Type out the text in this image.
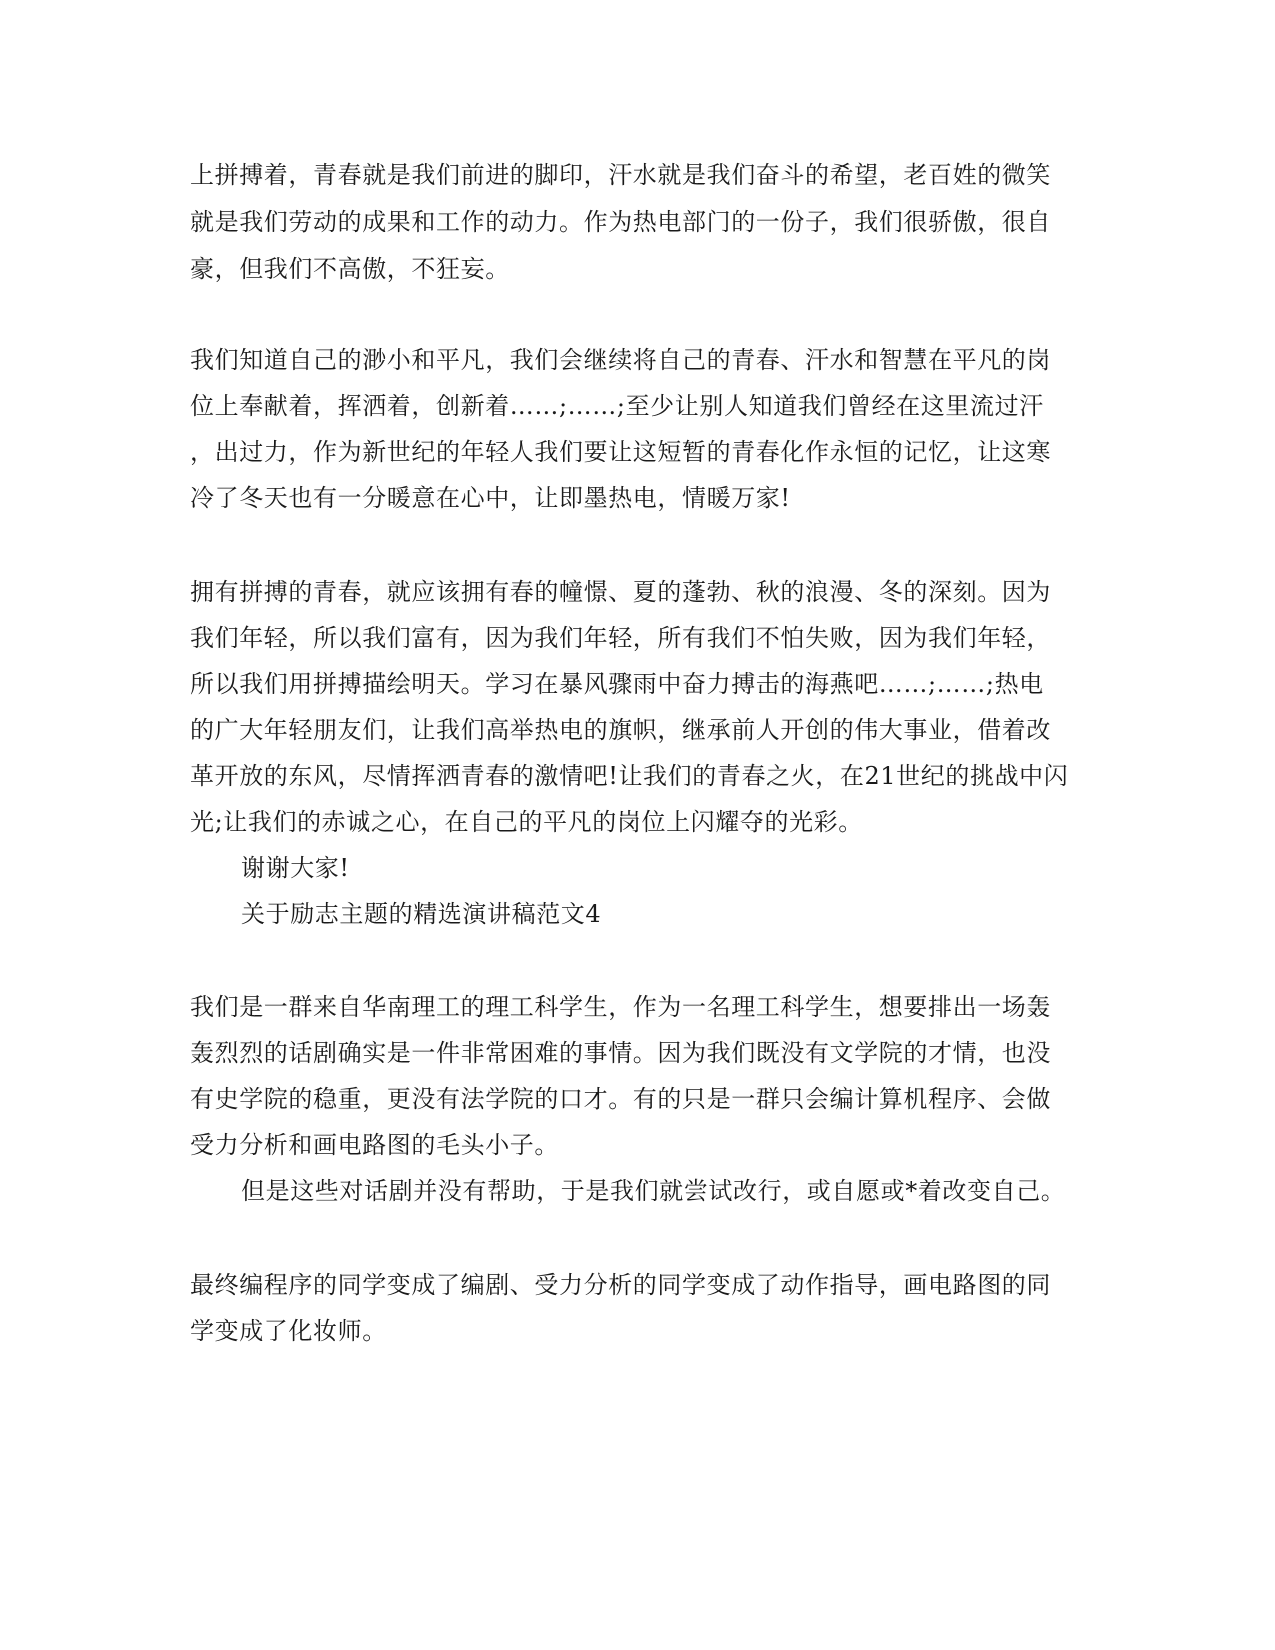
上拼搏着，青春就是我们前进的脚印，汗水就是我们奋斗的希望，老百姓的微笑
就是我们劳动的成果和工作的动力。作为热电部门的一份子，我们很骄傲，很自
豪，但我们不高傲，不狂妄。
我们知道自己的渺小和平凡，我们会继续将自己的青春、汗水和智慧在平凡的岗
位上奉献着，挥洒着，创新着……;……;至少让别人知道我们曾经在这里流过汗
，出过力，作为新世纪的年轻人我们要让这短暂的青春化作永恒的记忆，让这寒
冷了冬天也有一分暖意在心中，让即墨热电，情暖万家!
拥有拼搏的青春，就应该拥有春的幢憬、夏的蓬勃、秋的浪漫、冬的深刻。因为
我们年轻，所以我们富有，因为我们年轻，所有我们不怕失败，因为我们年轻，
所以我们用拼搏描绘明天。学习在暴风骤雨中奋力搏击的海燕吧……;……;热电
的广大年轻朋友们，让我们高举热电的旗帜，继承前人开创的伟大事业，借着改
革开放的东风，尽情挥洒青春的激情吧!让我们的青春之火，在21世纪的挑战中闪
光;让我们的赤诚之心，在自己的平凡的岗位上闪耀夺的光彩。
谢谢大家!
关于励志主题的精选演讲稿范文4
我们是一群来自华南理工的理工科学生，作为一名理工科学生，想要排出一场轰
轰烈烈的话剧确实是一件非常困难的事情。因为我们既没有文学院的才情，也没
有史学院的稳重，更没有法学院的口才。有的只是一群只会编计算机程序、会做
受力分析和画电路图的毛头小子。
但是这些对话剧并没有帮助，于是我们就尝试改行，或自愿或*着改变自己。
最终编程序的同学变成了编剧、受力分析的同学变成了动作指导，画电路图的同
学变成了化妆师。
